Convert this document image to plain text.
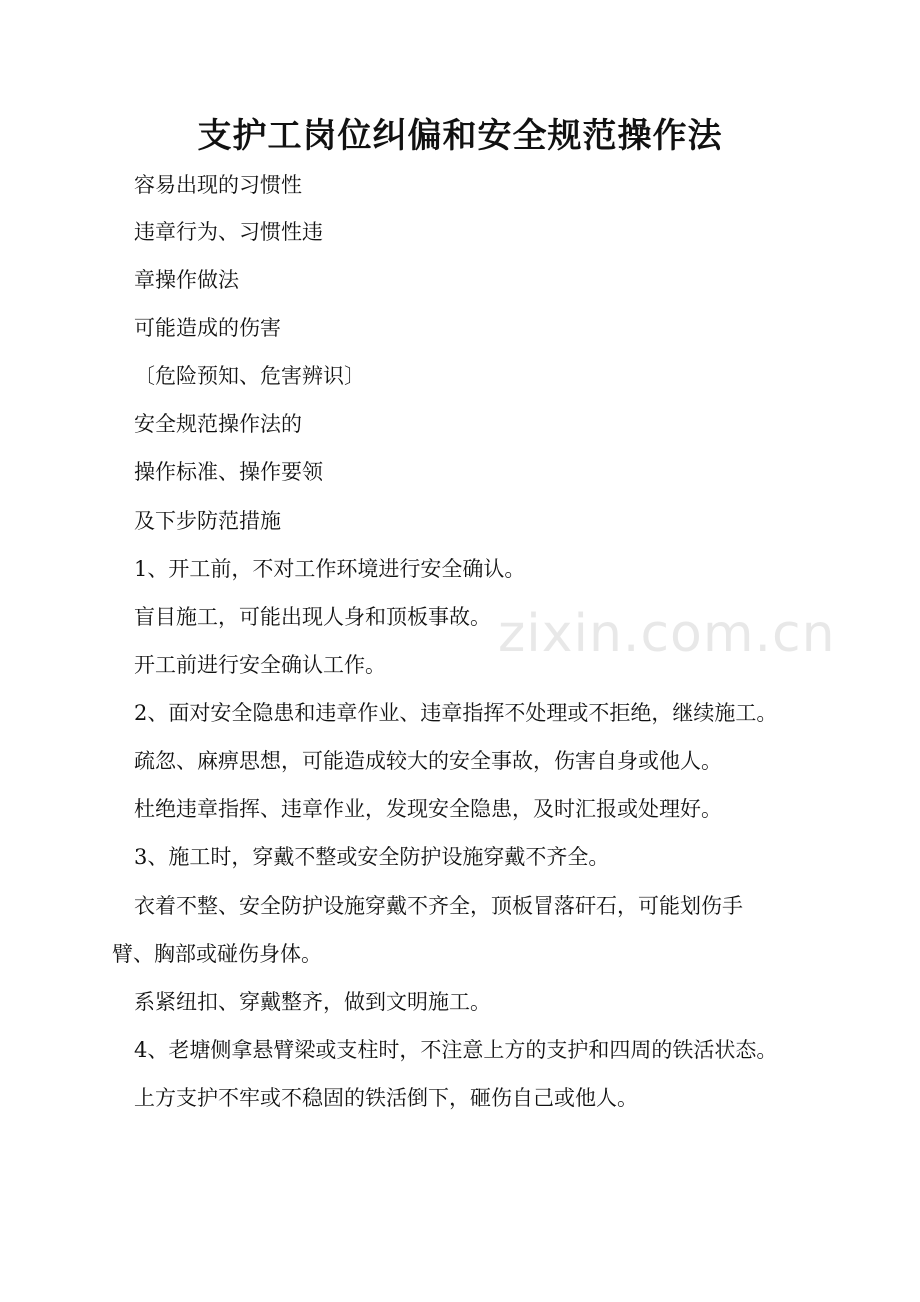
支护工岗位纠偏和安全规范操作法
容易出现的习惯性
违章行为、习惯性违
章操作做法
可能造成的伤害
〔危险预知、危害辨识〕
安全规范操作法的
操作标准、操作要领
及下步防范措施
1、开工前，不对工作环境进行安全确认。
盲目施工，可能出现人身和顶板事故。
开工前进行安全确认工作。
2、面对安全隐患和违章作业、违章指挥不处理或不拒绝，继续施工。
疏忽、麻痹思想，可能造成较大的安全事故，伤害自身或他人。
杜绝违章指挥、违章作业，发现安全隐患，及时汇报或处理好。
3、施工时，穿戴不整或安全防护设施穿戴不齐全。
衣着不整、安全防护设施穿戴不齐全，顶板冒落矸石，可能划伤手
臂、胸部或碰伤身体。
系紧纽扣、穿戴整齐，做到文明施工。
4、老塘侧拿悬臂梁或支柱时，不注意上方的支护和四周的铁活状态。
上方支护不牢或不稳固的铁活倒下，砸伤自己或他人。
zixin.com.cn
